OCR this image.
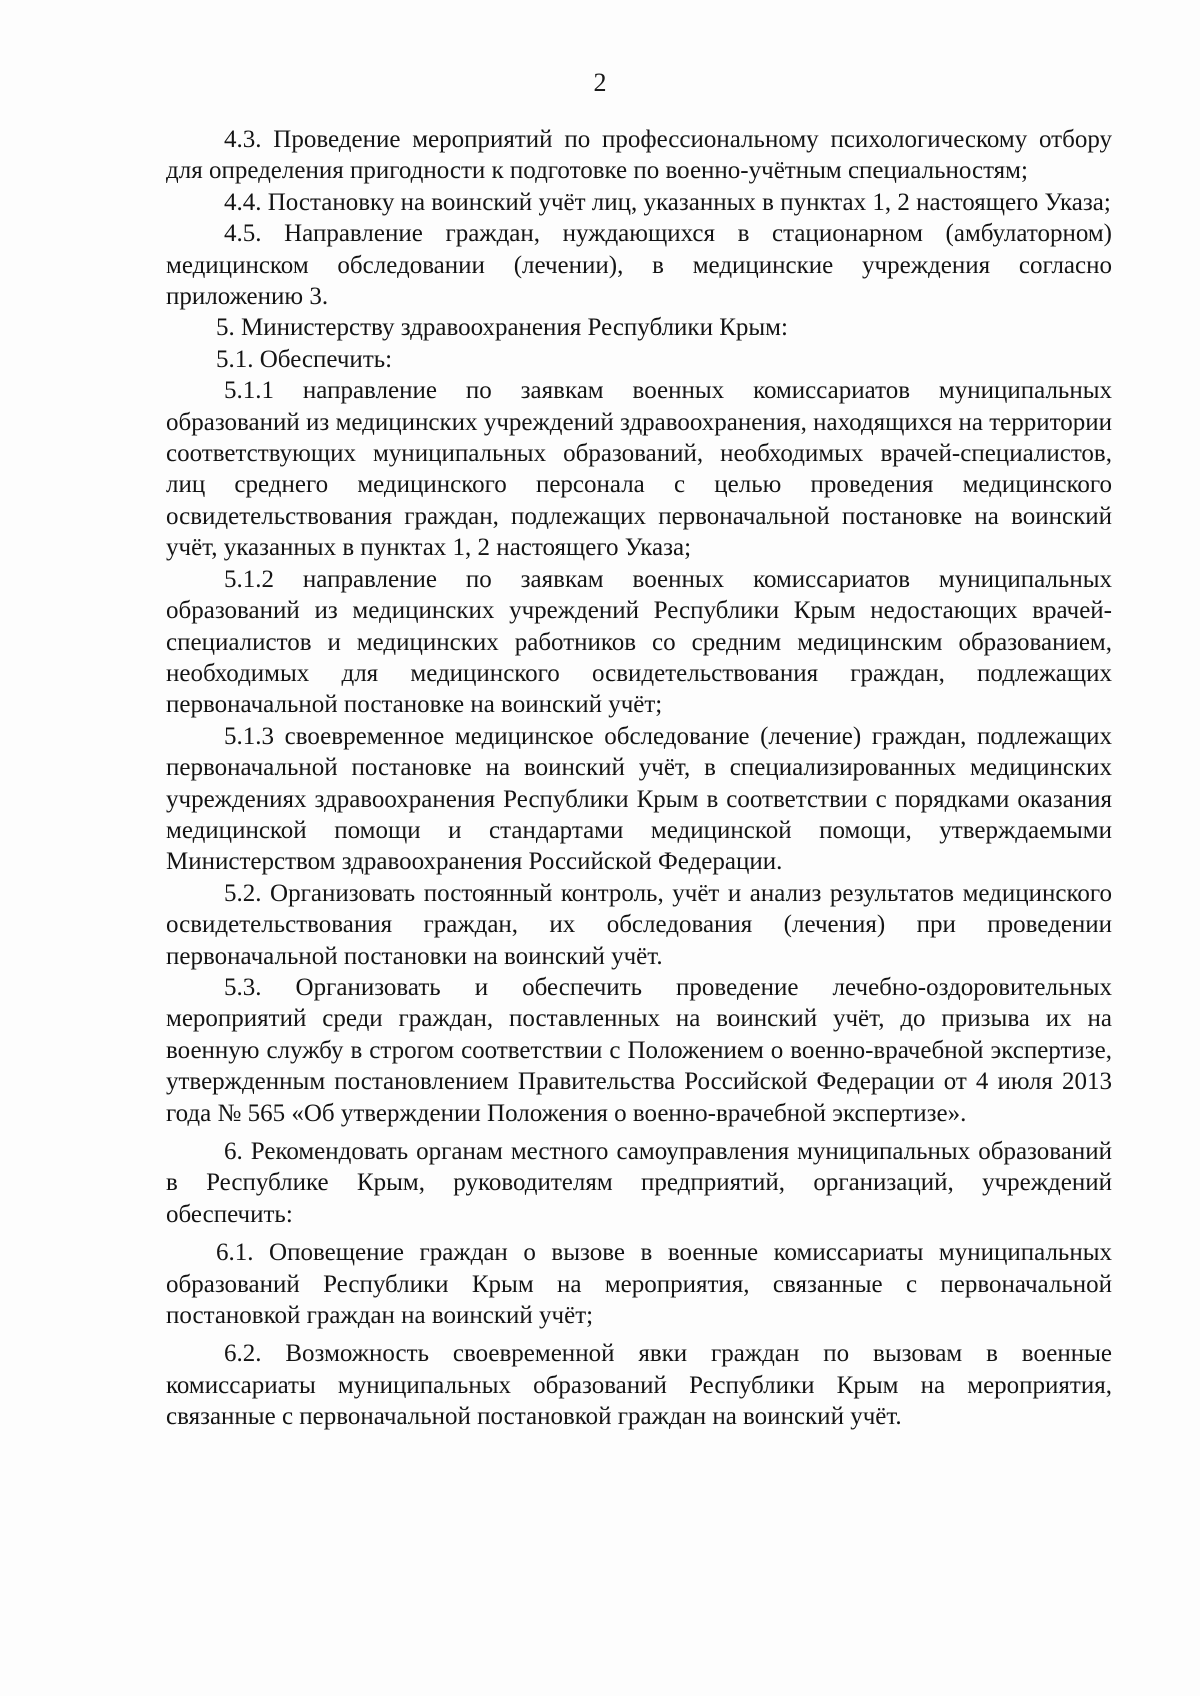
2

4.3. Проведение мероприятий по профессиональному психологическому отбору для определения пригодности к подготовке по военно-учётным специальностям;

4.4. Постановку на воинский учёт лиц, указанных в пунктах 1, 2 настоящего Указа;

4.5. Направление граждан, нуждающихся в стационарном (амбулаторном) медицинском обследовании (лечении), в медицинские учреждения согласно приложению 3.

5. Министерству здравоохранения Республики Крым:

5.1. Обеспечить:

5.1.1 направление по заявкам военных комиссариатов муниципальных образований из медицинских учреждений здравоохранения, находящихся на территории соответствующих муниципальных образований, необходимых врачей-специалистов, лиц среднего медицинского персонала с целью проведения медицинского освидетельствования граждан, подлежащих первоначальной постановке на воинский учёт, указанных в пунктах 1, 2 настоящего Указа;

5.1.2 направление по заявкам военных комиссариатов муниципальных образований из медицинских учреждений Республики Крым недостающих врачей-специалистов и медицинских работников со средним медицинским образованием, необходимых для медицинского освидетельствования граждан, подлежащих первоначальной постановке на воинский учёт;

5.1.3 своевременное медицинское обследование (лечение) граждан, подлежащих первоначальной постановке на воинский учёт, в специализированных медицинских учреждениях здравоохранения Республики Крым в соответствии с порядками оказания медицинской помощи и стандартами медицинской помощи, утверждаемыми Министерством здравоохранения Российской Федерации.

5.2. Организовать постоянный контроль, учёт и анализ результатов медицинского освидетельствования граждан, их обследования (лечения) при проведении первоначальной постановки на воинский учёт.

5.3. Организовать и обеспечить проведение лечебно-оздоровительных мероприятий среди граждан, поставленных на воинский учёт, до призыва их на военную службу в строгом соответствии с Положением о военно-врачебной экспертизе, утвержденным постановлением Правительства Российской Федерации от 4 июля 2013 года № 565 «Об утверждении Положения о военно-врачебной экспертизе».

6. Рекомендовать органам местного самоуправления муниципальных образований в Республике Крым, руководителям предприятий, организаций, учреждений обеспечить:

6.1. Оповещение граждан о вызове в военные комиссариаты муниципальных образований Республики Крым на мероприятия, связанные с первоначальной постановкой граждан на воинский учёт;

6.2. Возможность своевременной явки граждан по вызовам в военные комиссариаты муниципальных образований Республики Крым на мероприятия, связанные с первоначальной постановкой граждан на воинский учёт.
